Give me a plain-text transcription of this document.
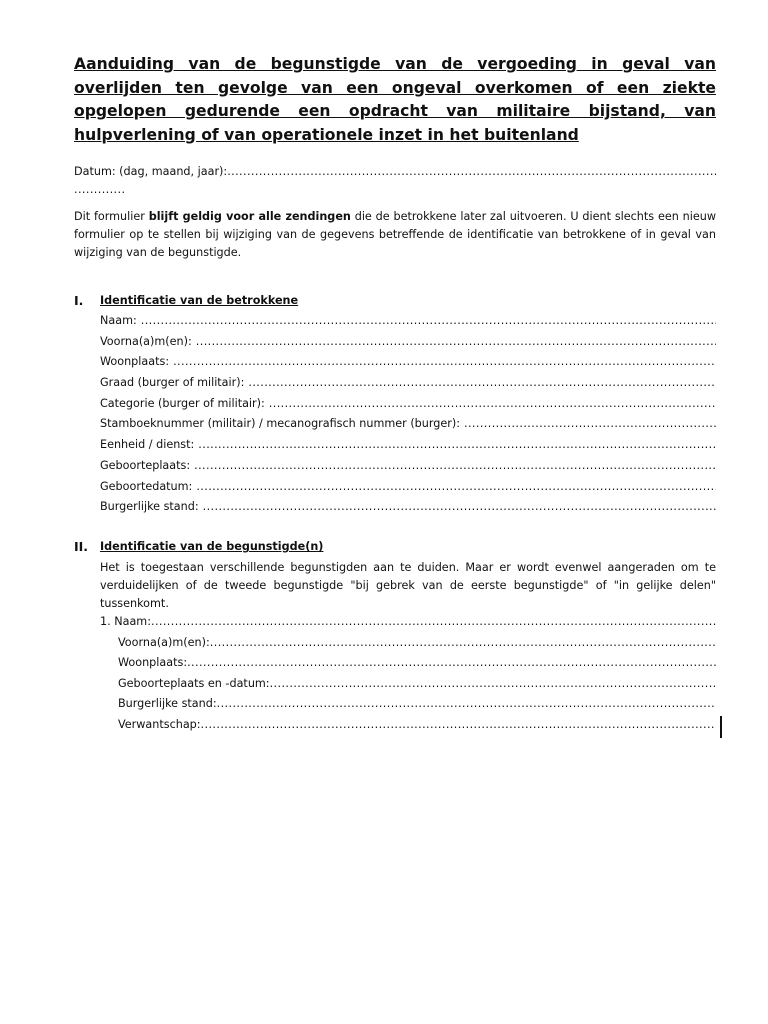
Aanduiding van de begunstigde van de vergoeding in geval van overlijden ten gevolge van een ongeval overkomen of een ziekte opgelopen gedurende een opdracht van militaire bijstand, van hulpverlening of van operationele inzet in het buitenland
Datum: (dag, maand, jaar):
.....
.............
Dit formulier blijft geldig voor alle zendingen die de betrokkene later zal uitvoeren. U dient slechts een nieuw formulier op te stellen bij wijziging van de gegevens betreffende de identificatie van betrokkene of in geval van wijziging van de begunstigde.
I.	Identificatie van de betrokkene
Naam:
.....
Voorna(a)m(en):
.....
Woonplaats:
.....
Graad (burger of militair):
.....
Categorie (burger of militair):
.....
Stamboeknummer (militair) / mecanografisch nummer (burger):
.....
Eenheid / dienst:
.....
Geboorteplaats:
.....
Geboortedatum:
.....
Burgerlijke stand:
.....
II.	Identificatie van de begunstigde(n)
Het is toegestaan verschillende begunstigden aan te duiden. Maar er wordt evenwel aangeraden om te verduidelijken of de tweede begunstigde "bij gebrek van de eerste begunstigde" of "in gelijke delen" tussenkomt.
1. Naam:
.....
Voorna(a)m(en):
.....
Woonplaats:
.....
Geboorteplaats en -datum:
.....
Burgerlijke stand:
.....
Verwantschap:
.....
